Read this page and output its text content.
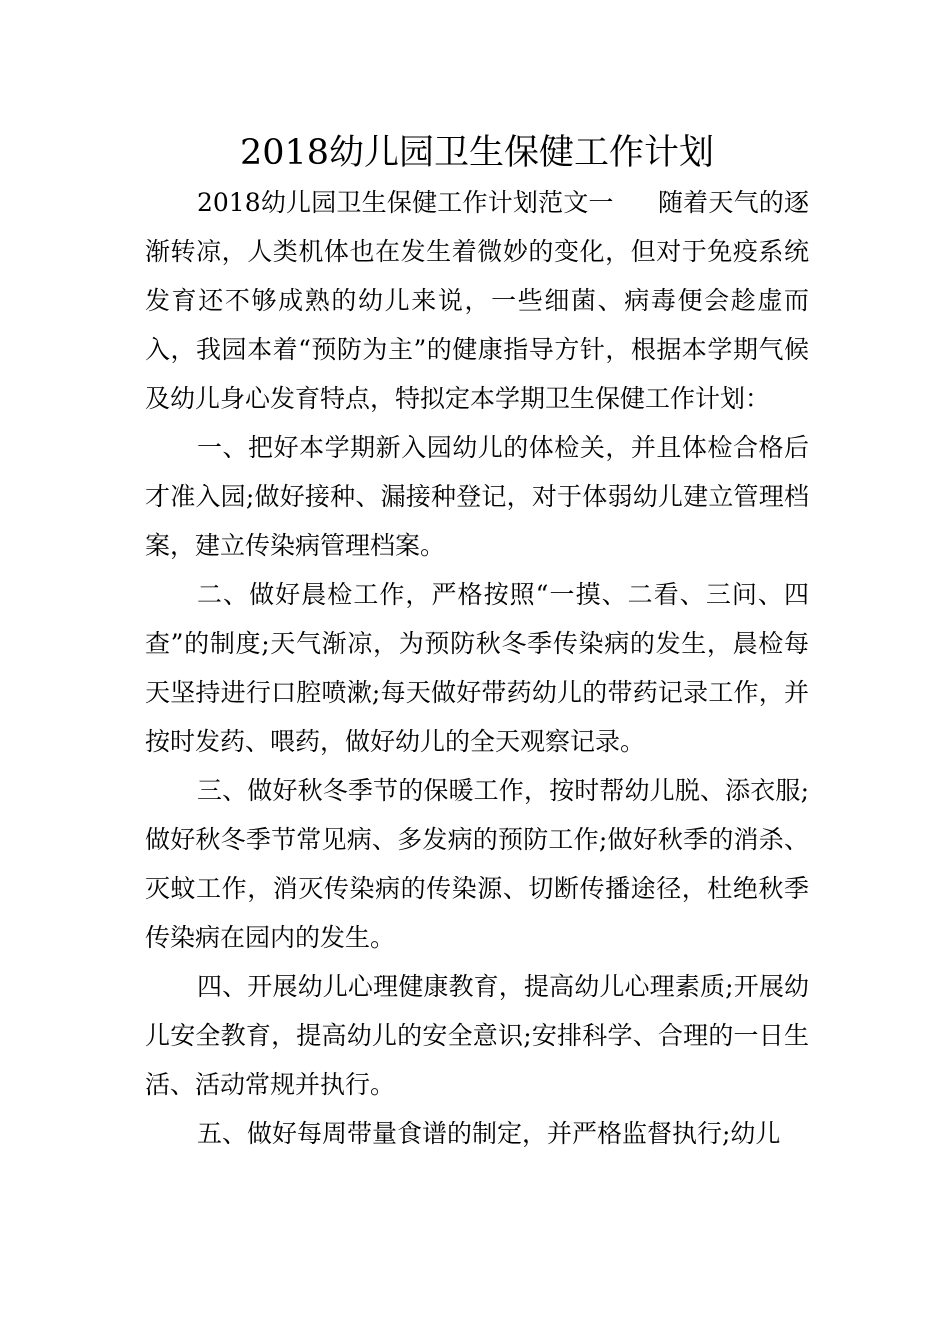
2018幼儿园卫生保健工作计划

2018幼儿园卫生保健工作计划范文一 随着天气的逐渐转凉，人类机体也在发生着微妙的变化，但对于免疫系统发育还不够成熟的幼儿来说，一些细菌、病毒便会趁虚而入，我园本着“预防为主”的健康指导方针，根据本学期气候及幼儿身心发育特点，特拟定本学期卫生保健工作计划：

一、把好本学期新入园幼儿的体检关，并且体检合格后才准入园;做好接种、漏接种登记，对于体弱幼儿建立管理档案，建立传染病管理档案。

二、做好晨检工作，严格按照“一摸、二看、三问、四查”的制度;天气渐凉，为预防秋冬季传染病的发生，晨检每天坚持进行口腔喷漱;每天做好带药幼儿的带药记录工作，并按时发药、喂药，做好幼儿的全天观察记录。

三、做好秋冬季节的保暖工作，按时帮幼儿脱、添衣服;做好秋冬季节常见病、多发病的预防工作;做好秋季的消杀、灭蚊工作，消灭传染病的传染源、切断传播途径，杜绝秋季传染病在园内的发生。

四、开展幼儿心理健康教育，提高幼儿心理素质;开展幼儿安全教育，提高幼儿的安全意识;安排科学、合理的一日生活、活动常规并执行。

五、做好每周带量食谱的制定，并严格监督执行;幼儿
